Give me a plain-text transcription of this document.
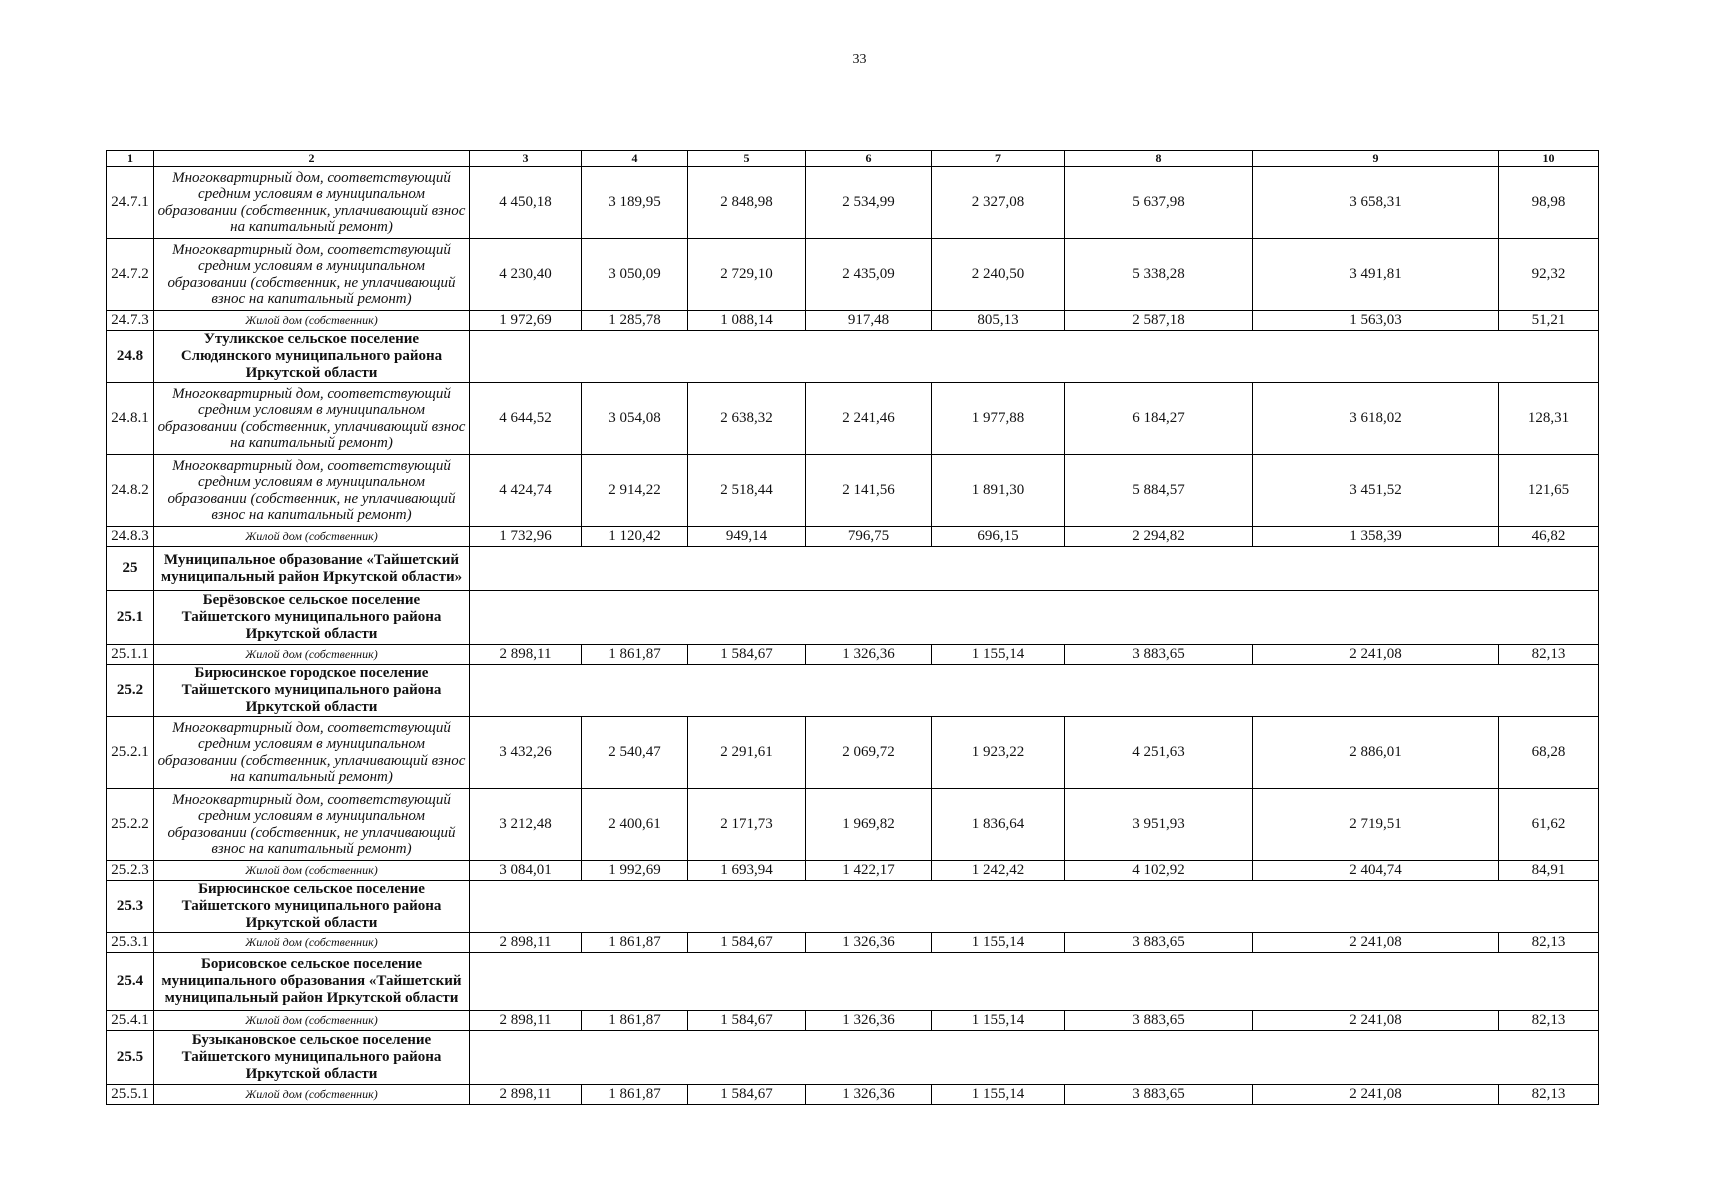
33
1	2	3	4	5	6	7	8	9	10
24.7.1	Многоквартирный дом, соответствующий средним условиям в муниципальном образовании (собственник, уплачивающий взнос на капитальный ремонт)	4 450,18	3 189,95	2 848,98	2 534,99	2 327,08	5 637,98	3 658,31	98,98
24.7.2	Многоквартирный дом, соответствующий средним условиям в муниципальном образовании (собственник, не уплачивающий взнос на капитальный ремонт)	4 230,40	3 050,09	2 729,10	2 435,09	2 240,50	5 338,28	3 491,81	92,32
24.7.3	Жилой дом (собственник)	1 972,69	1 285,78	1 088,14	917,48	805,13	2 587,18	1 563,03	51,21
24.8	Утуликское сельское поселение Слюдянского муниципального района Иркутской области								
24.8.1	Многоквартирный дом, соответствующий средним условиям в муниципальном образовании (собственник, уплачивающий взнос на капитальный ремонт)	4 644,52	3 054,08	2 638,32	2 241,46	1 977,88	6 184,27	3 618,02	128,31
24.8.2	Многоквартирный дом, соответствующий средним условиям в муниципальном образовании (собственник, не уплачивающий взнос на капитальный ремонт)	4 424,74	2 914,22	2 518,44	2 141,56	1 891,30	5 884,57	3 451,52	121,65
24.8.3	Жилой дом (собственник)	1 732,96	1 120,42	949,14	796,75	696,15	2 294,82	1 358,39	46,82
25	Муниципальное образование «Тайшетский муниципальный район Иркутской области»								
25.1	Берёзовское сельское поселение Тайшетского муниципального района Иркутской области								
25.1.1	Жилой дом (собственник)	2 898,11	1 861,87	1 584,67	1 326,36	1 155,14	3 883,65	2 241,08	82,13
25.2	Бирюсинское городское поселение Тайшетского муниципального района Иркутской области								
25.2.1	Многоквартирный дом, соответствующий средним условиям в муниципальном образовании (собственник, уплачивающий взнос на капитальный ремонт)	3 432,26	2 540,47	2 291,61	2 069,72	1 923,22	4 251,63	2 886,01	68,28
25.2.2	Многоквартирный дом, соответствующий средним условиям в муниципальном образовании (собственник, не уплачивающий взнос на капитальный ремонт)	3 212,48	2 400,61	2 171,73	1 969,82	1 836,64	3 951,93	2 719,51	61,62
25.2.3	Жилой дом (собственник)	3 084,01	1 992,69	1 693,94	1 422,17	1 242,42	4 102,92	2 404,74	84,91
25.3	Бирюсинское сельское поселение Тайшетского муниципального района Иркутской области								
25.3.1	Жилой дом (собственник)	2 898,11	1 861,87	1 584,67	1 326,36	1 155,14	3 883,65	2 241,08	82,13
25.4	Борисовское сельское поселение муниципального образования «Тайшетский муниципальный район Иркутской области								
25.4.1	Жилой дом (собственник)	2 898,11	1 861,87	1 584,67	1 326,36	1 155,14	3 883,65	2 241,08	82,13
25.5	Бузыкановское сельское поселение Тайшетского муниципального района Иркутской области								
25.5.1	Жилой дом (собственник)	2 898,11	1 861,87	1 584,67	1 326,36	1 155,14	3 883,65	2 241,08	82,13
